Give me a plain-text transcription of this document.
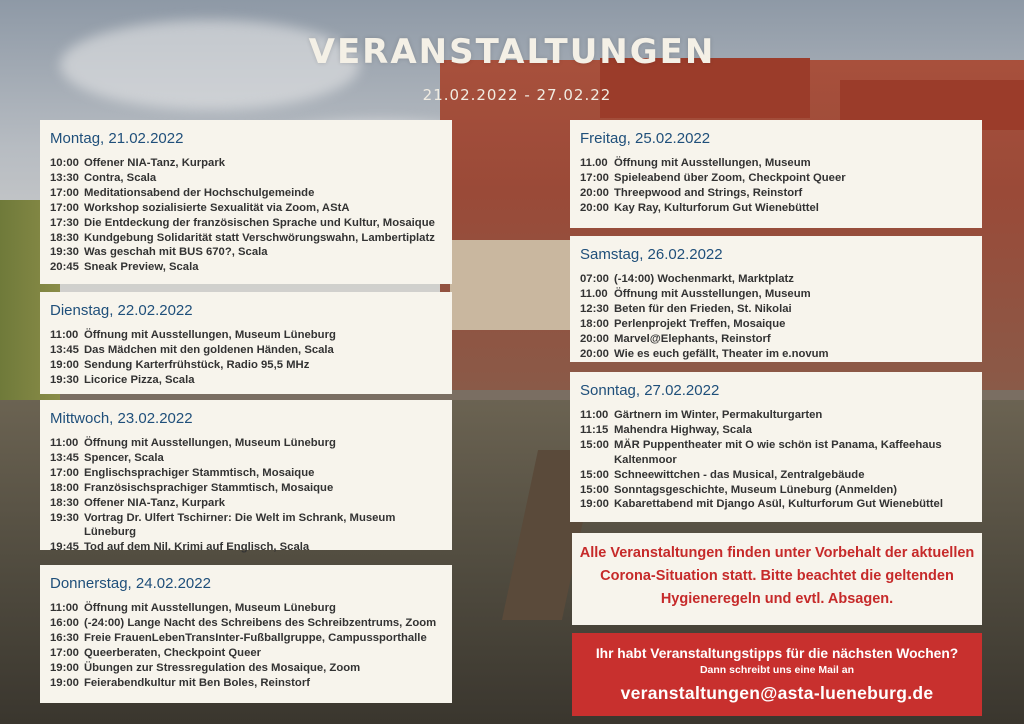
VERANSTALTUNGEN
21.02.2022 - 27.02.22
Montag, 21.02.2022
10:00 Offener NIA-Tanz, Kurpark
13:30 Contra, Scala
17:00 Meditationsabend der Hochschulgemeinde
17:00 Workshop sozialisierte Sexualität via Zoom, AStA
17:30 Die Entdeckung der französischen Sprache und Kultur, Mosaique
18:30 Kundgebung Solidarität statt Verschwörungswahn, Lambertiplatz
19:30 Was geschah mit BUS 670?, Scala
20:45 Sneak Preview, Scala
Dienstag, 22.02.2022
11:00 Öffnung mit Ausstellungen, Museum Lüneburg
13:45 Das Mädchen mit den goldenen Händen, Scala
19:00 Sendung Karterfrühstück, Radio 95,5 MHz
19:30 Licorice Pizza, Scala
Mittwoch, 23.02.2022
11:00 Öffnung mit Ausstellungen, Museum Lüneburg
13:45 Spencer, Scala
17:00 Englischsprachiger Stammtisch, Mosaique
18:00 Französischsprachiger Stammtisch, Mosaique
18:30 Offener NIA-Tanz, Kurpark
19:30 Vortrag Dr. Ulfert Tschirner: Die Welt im Schrank, Museum Lüneburg
19:45 Tod auf dem Nil. Krimi auf Englisch, Scala
Donnerstag, 24.02.2022
11:00 Öffnung mit Ausstellungen, Museum Lüneburg
16:00 (-24:00) Lange Nacht des Schreibens des Schreibzentrums, Zoom
16:30 Freie FrauenLebenTransInter-Fußballgruppe, Campussporthalle
17:00 Queerberaten, Checkpoint Queer
19:00 Übungen zur Stressregulation des Mosaique, Zoom
19:00 Feierabendkultur mit Ben Boles, Reinstorf
Freitag, 25.02.2022
11.00 Öffnung mit Ausstellungen, Museum
17:00 Spieleabend über Zoom, Checkpoint Queer
20:00 Threepwood and Strings, Reinstorf
20:00 Kay Ray, Kulturforum Gut Wienebüttel
Samstag, 26.02.2022
07:00 (-14:00) Wochenmarkt, Marktplatz
11.00 Öffnung mit Ausstellungen, Museum
12:30 Beten für den Frieden, St. Nikolai
18:00 Perlenprojekt Treffen, Mosaique
20:00 Marvel@Elephants, Reinstorf
20:00 Wie es euch gefällt, Theater im e.novum
Sonntag, 27.02.2022
11:00 Gärtnern im Winter, Permakulturgarten
11:15 Mahendra Highway, Scala
15:00 MÄR Puppentheater mit O wie schön ist Panama, Kaffeehaus Kaltenmoor
15:00 Schneewittchen - das Musical, Zentralgebäude
15:00 Sonntagsgeschichte, Museum Lüneburg (Anmelden)
19:00 Kabarettabend mit Django Asül, Kulturforum Gut Wienebüttel
Alle Veranstaltungen finden unter Vorbehalt der aktuellen Corona-Situation statt. Bitte beachtet die geltenden Hygieneregeln und evtl. Absagen.
Ihr habt Veranstaltungstipps für die nächsten Wochen?
Dann schreibt uns eine Mail an
veranstaltungen@asta-lueneburg.de
